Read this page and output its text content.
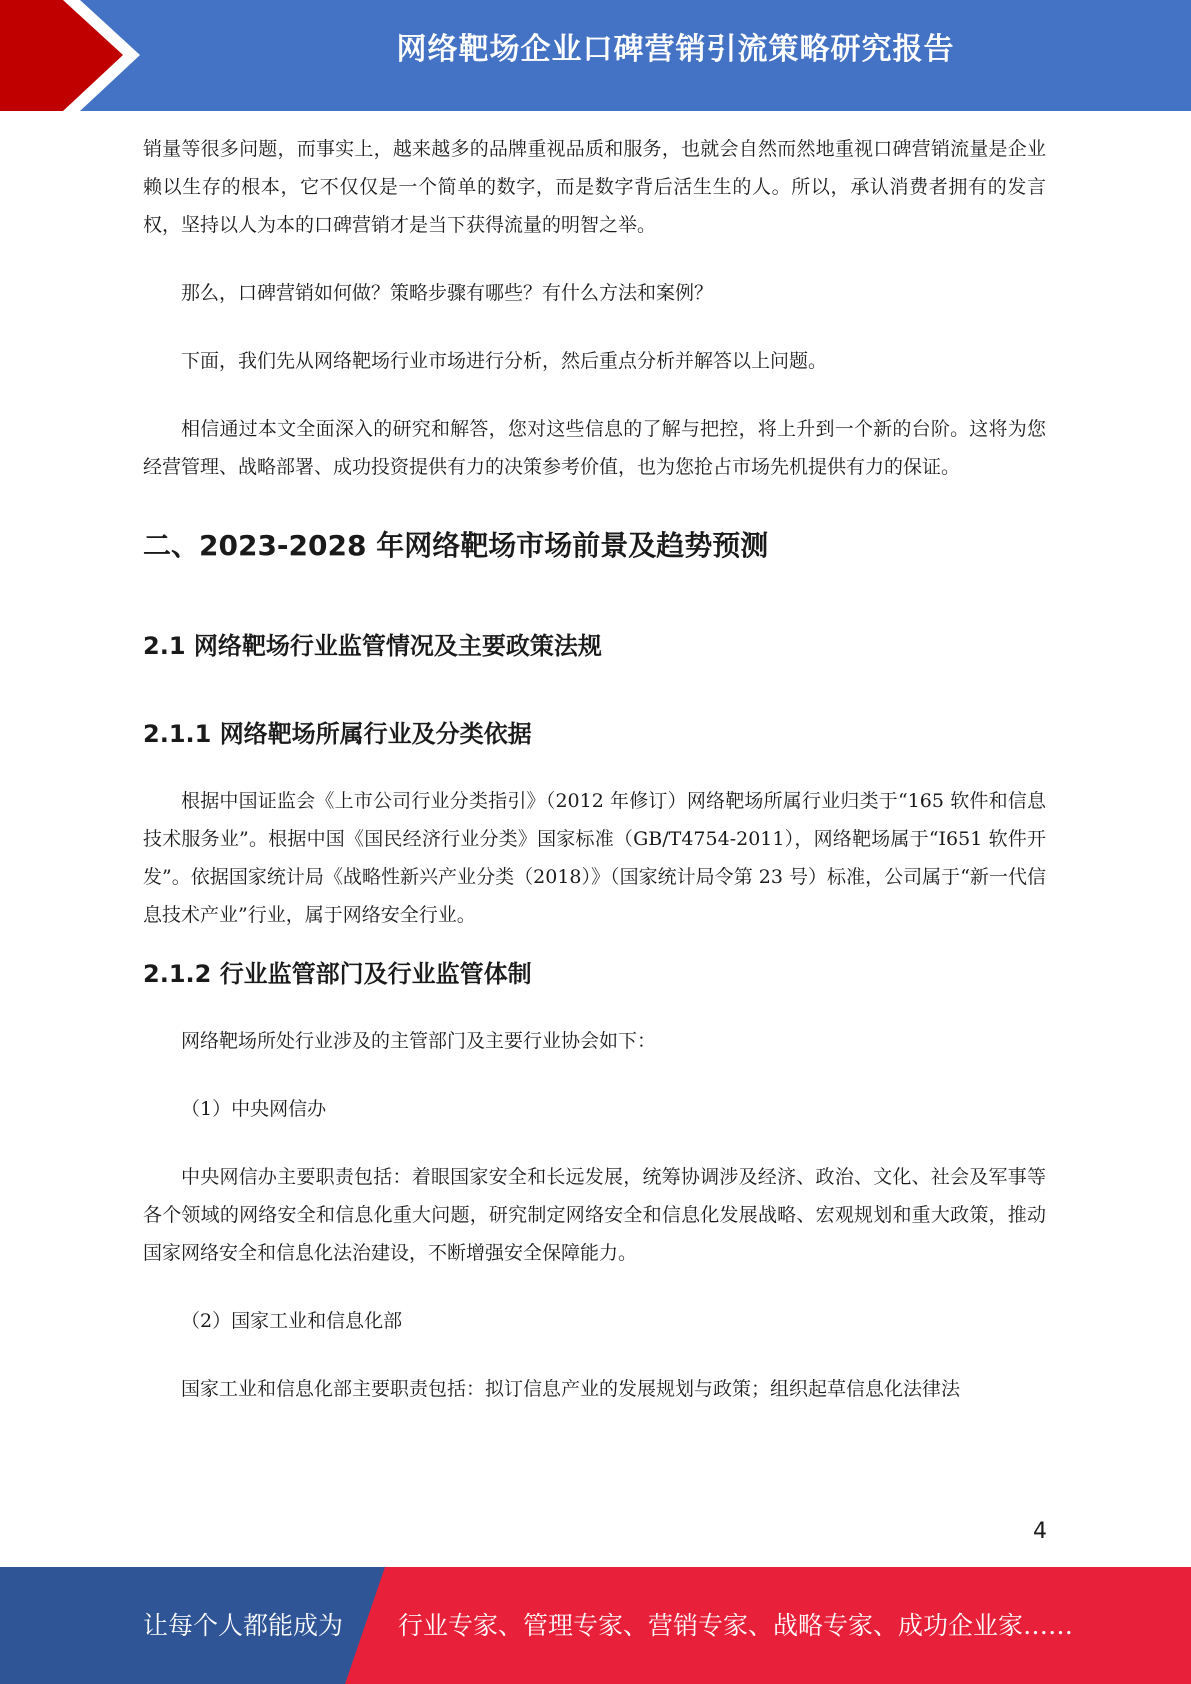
网络靶场企业口碑营销引流策略研究报告

销量等很多问题，而事实上，越来越多的品牌重视品质和服务，也就会自然而然地重视口碑营销流量是企业赖以生存的根本，它不仅仅是一个简单的数字，而是数字背后活生生的人。所以，承认消费者拥有的发言权，坚持以人为本的口碑营销才是当下获得流量的明智之举。

那么，口碑营销如何做？策略步骤有哪些？有什么方法和案例？

下面，我们先从网络靶场行业市场进行分析，然后重点分析并解答以上问题。

相信通过本文全面深入的研究和解答，您对这些信息的了解与把控，将上升到一个新的台阶。这将为您经营管理、战略部署、成功投资提供有力的决策参考价值，也为您抢占市场先机提供有力的保证。

二、2023-2028 年网络靶场市场前景及趋势预测
2.1 网络靶场行业监管情况及主要政策法规
2.1.1 网络靶场所属行业及分类依据

根据中国证监会《上市公司行业分类指引》（2012 年修订）网络靶场所属行业归类于“165 软件和信息技术服务业”。根据中国《国民经济行业分类》国家标准（GB/T4754-2011），网络靶场属于“I651 软件开发”。依据国家统计局《战略性新兴产业分类（2018）》（国家统计局令第 23 号）标准，公司属于“新一代信息技术产业”行业，属于网络安全行业。

2.1.2 行业监管部门及行业监管体制

网络靶场所处行业涉及的主管部门及主要行业协会如下：

（1）中央网信办

中央网信办主要职责包括：着眼国家安全和长远发展，统筹协调涉及经济、政治、文化、社会及军事等各个领域的网络安全和信息化重大问题，研究制定网络安全和信息化发展战略、宏观规划和重大政策，推动国家网络安全和信息化法治建设，不断增强安全保障能力。

（2）国家工业和信息化部

国家工业和信息化部主要职责包括：拟订信息产业的发展规划与政策；组织起草信息化法律法

4
让每个人都能成为 行业专家、管理专家、营销专家、战略专家、成功企业家……
